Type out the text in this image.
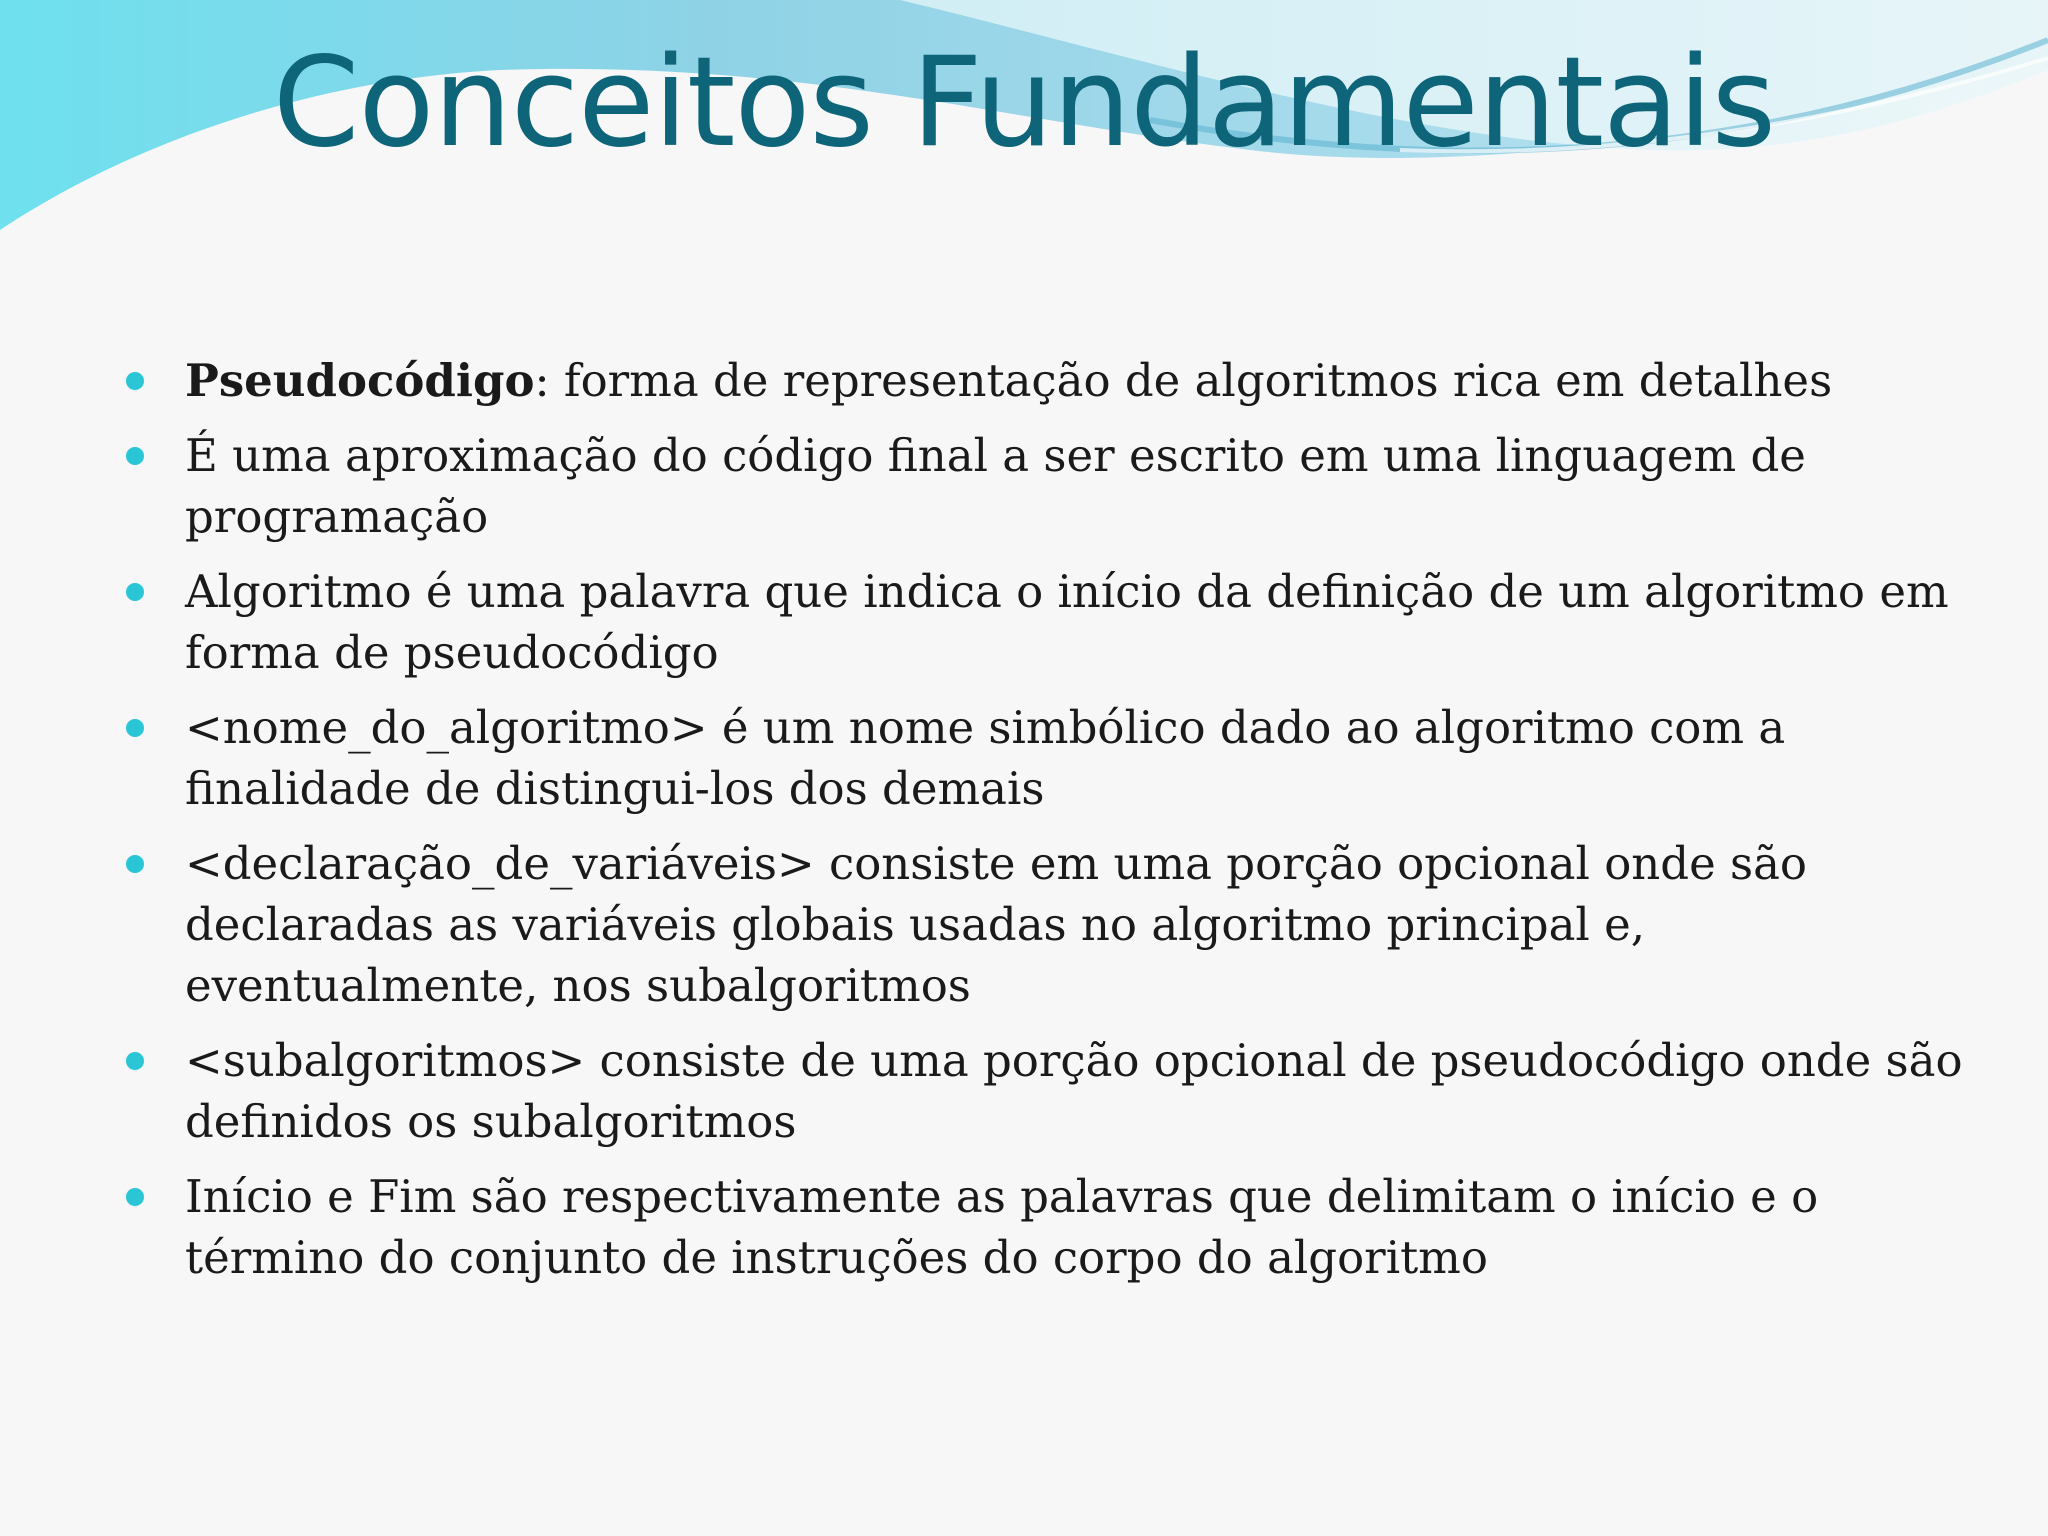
Conceitos Fundamentais
Pseudocódigo: forma de representação de algoritmos rica em detalhes
É uma aproximação do código final a ser escrito em uma linguagem de programação
Algoritmo é uma palavra que indica o início da definição de um algoritmo em forma de pseudocódigo
<nome_do_algoritmo> é um nome simbólico dado ao algoritmo com a finalidade de distingui-los dos demais
<declaração_de_variáveis> consiste em uma porção opcional onde são declaradas as variáveis globais usadas no algoritmo principal e, eventualmente, nos subalgoritmos
<subalgoritmos> consiste de uma porção opcional de pseudocódigo onde são definidos os subalgoritmos
Início e Fim são respectivamente as palavras que delimitam o início e o término do conjunto de instruções do corpo do algoritmo
